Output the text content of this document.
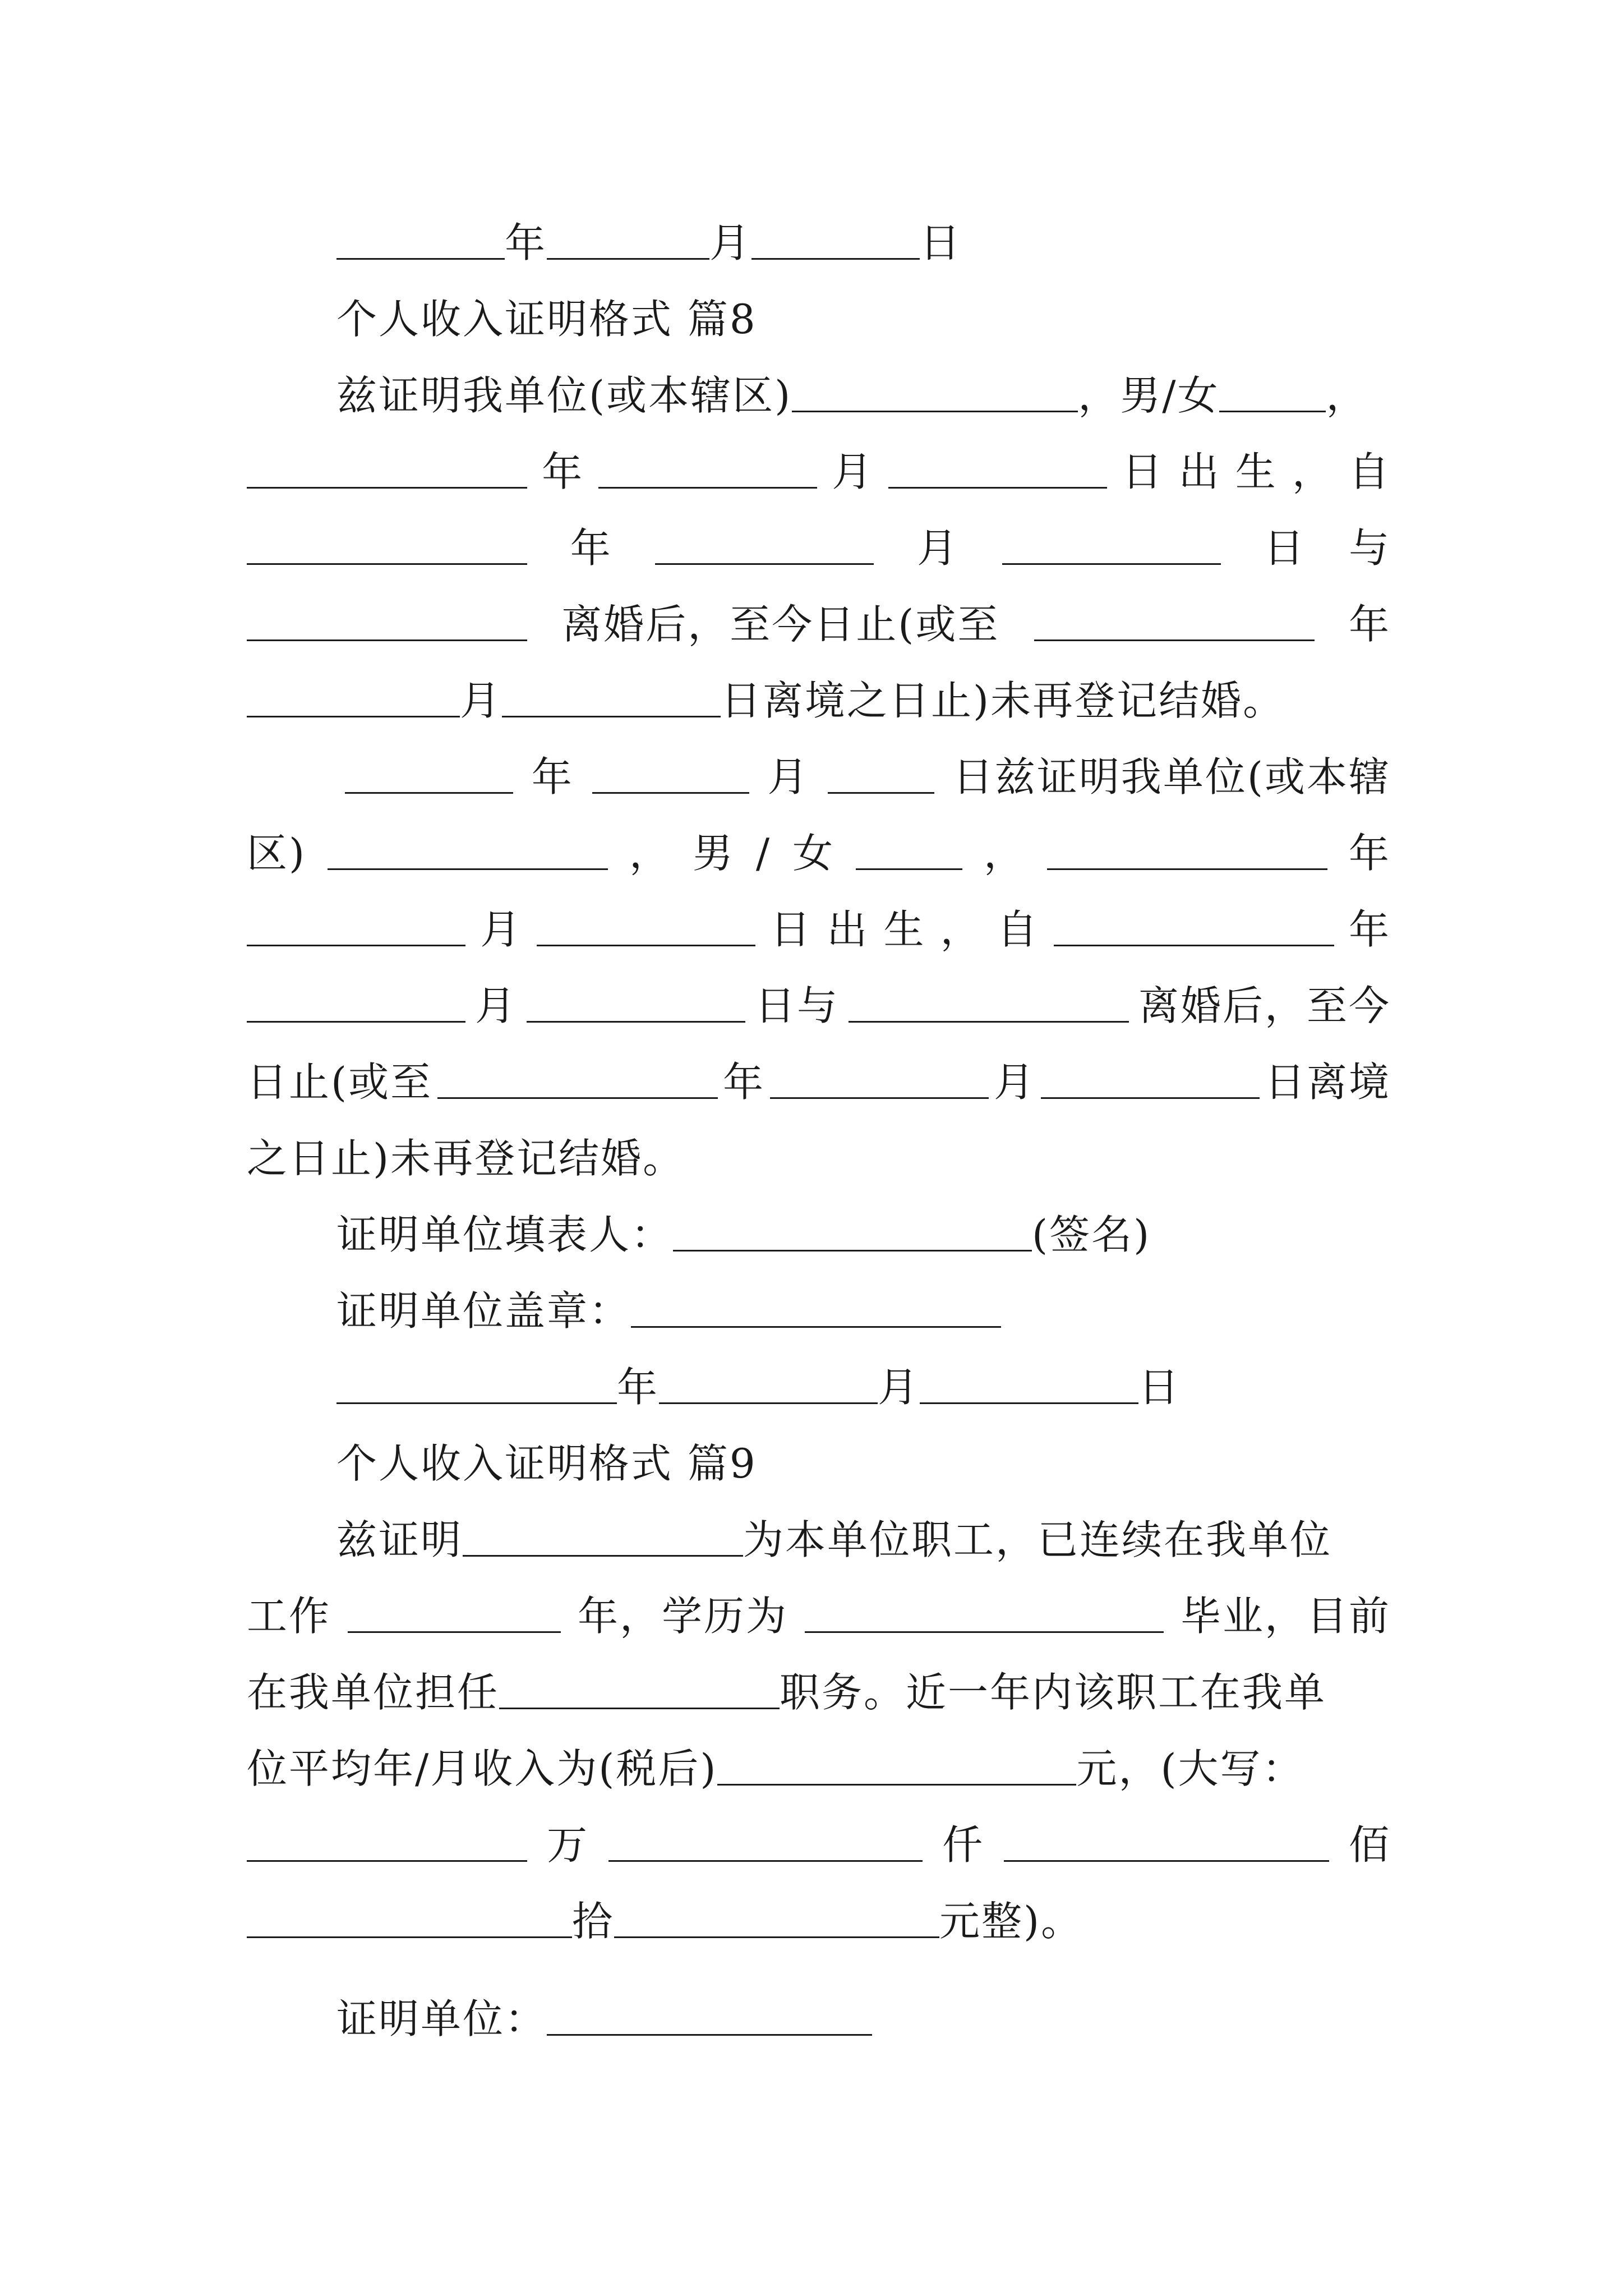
年	月	日
个人收入证明格式 篇8
兹证明我单位(或本辖区)	，男/女	，
年	月	日 出 生 ， 自
年	月	日 与
离婚后，至今日止(或至	年
月	日离境之日止)未再登记结婚。
年	月	日兹证明我单位(或本辖
区)	， 男 / 女	，	年
月	日 出 生 ， 自	年
月	日与	离婚后，至今
日止(或至	年	月	日离境
之日止)未再登记结婚。
证明单位填表人：	(签名)
证明单位盖章：
年	月	日
个人收入证明格式 篇9
兹证明	为本单位职工，已连续在我单位
工作	年，学历为	毕业，目前
在我单位担任	职务。近一年内该职工在我单
位平均年/月收入为(税后)	元，(大写：
万	仟	佰
拾	元整)。
证明单位：
